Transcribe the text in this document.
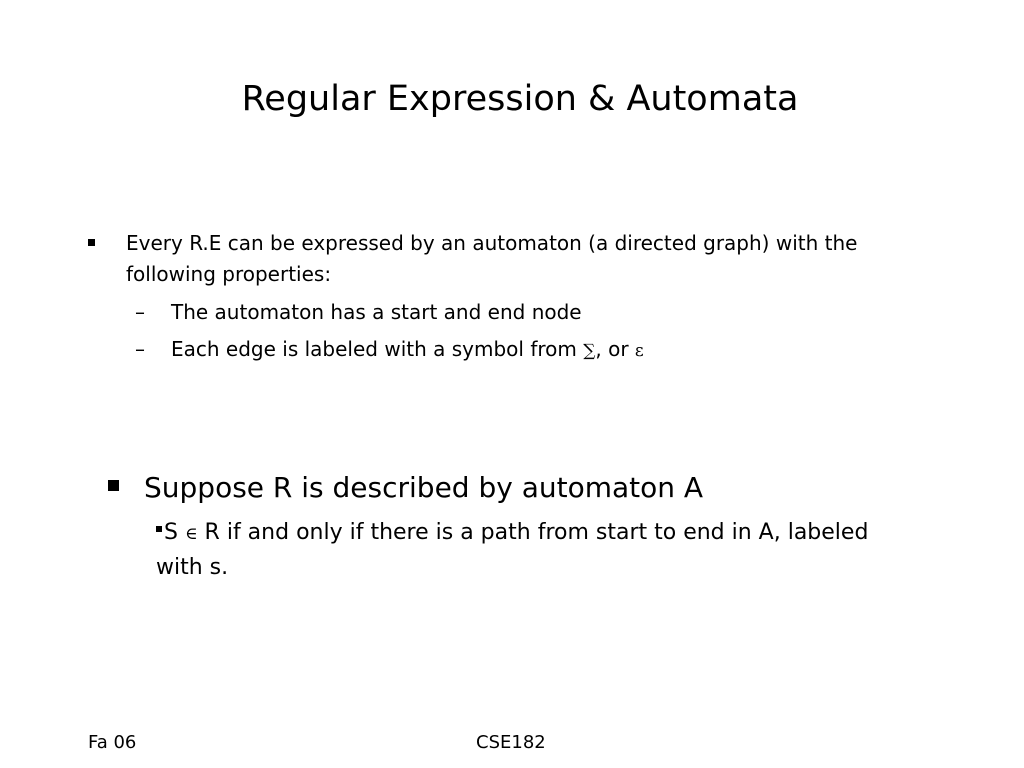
Regular Expression & Automata
Every R.E can be expressed by an automaton (a directed graph) with the following properties:
– The automaton has a start and end node
– Each edge is labeled with a symbol from ∑, or ε
Suppose R is described by automaton A
S ∈ R if and only if there is a path from start to end in A, labeled with s.
Fa 06	CSE182
